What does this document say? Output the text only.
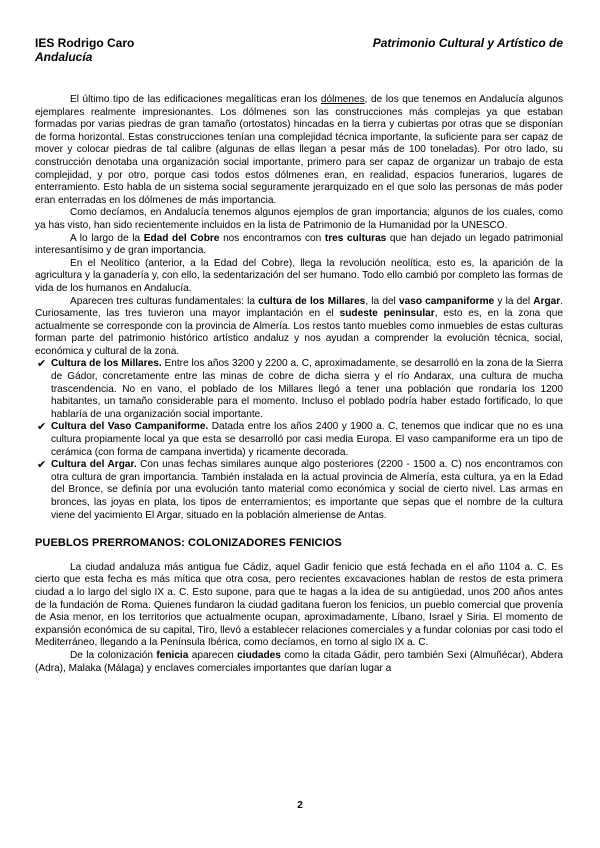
IES Rodrigo Caro	Patrimonio Cultural y Artístico de
Andalucía

El último tipo de las edificaciones megalíticas eran los dólmenes, de los que tenemos en Andalucía algunos ejemplares realmente impresionantes. Los dólmenes son las construcciones más complejas ya que estaban formadas por varias piedras de gran tamaño (ortostatos) hincadas en la tierra y cubiertas por otras que se disponían de forma horizontal. Estas construcciones tenían una complejidad técnica importante, la suficiente para ser capaz de mover y colocar piedras de tal calibre (algunas de ellas llegan a pesar más de 100 toneladas). Por otro lado, su construcción denotaba una organización social importante, primero para ser capaz de organizar un trabajo de esta complejidad, y por otro, porque casi todos estos dólmenes eran, en realidad, espacios funerarios, lugares de enterramiento. Esto habla de un sistema social seguramente jerarquizado en el que solo las personas de más poder eran enterradas en los dólmenes de más importancia.

Como decíamos, en Andalucía tenemos algunos ejemplos de gran importancia; algunos de los cuales, como ya has visto, han sido recientemente incluidos en la lista de Patrimonio de la Humanidad por la UNESCO.

A lo largo de la Edad del Cobre nos encontramos con tres culturas que han dejado un legado patrimonial interesantísimo y de gran importancia.

En el Neolítico (anterior, a la Edad del Cobre), llega la revolución neolítica, esto es, la aparición de la agricultura y la ganadería y, con ello, la sedentarización del ser humano. Todo ello cambió por completo las formas de vida de los humanos en Andalucía.

Aparecen tres culturas fundamentales: la cultura de los Millares, la del vaso campaniforme y la del Argar. Curiosamente, las tres tuvieron una mayor implantación en el sudeste peninsular, esto es, en la zona que actualmente se corresponde con la provincia de Almería. Los restos tanto muebles como inmuebles de estas culturas forman parte del patrimonio histórico artístico andaluz y nos ayudan a comprender la evolución técnica, social, económica y cultural de la zona.

✔ Cultura de los Millares. Entre los años 3200 y 2200 a. C, aproximadamente, se desarrolló en la zona de la Sierra de Gádor, concretamente entre las minas de cobre de dicha sierra y el río Andarax, una cultura de mucha trascendencia. No en vano, el poblado de los Millares llegó a tener una población que rondaría los 1200 habitantes, un tamaño considerable para el momento. Incluso el poblado podría haber estado fortificado, lo que hablaría de una organización social importante.
✔ Cultura del Vaso Campaniforme. Datada entre los años 2400 y 1900 a. C, tenemos que indicar que no es una cultura propiamente local ya que esta se desarrolló por casi media Europa. El vaso campaniforme era un tipo de cerámica (con forma de campana invertida) y ricamente decorada.
✔ Cultura del Argar. Con unas fechas similares aunque algo posteriores (2200 - 1500 a. C) nos encontramos con otra cultura de gran importancia. También instalada en la actual provincia de Almería, esta cultura, ya en la Edad del Bronce, se definía por una evolución tanto material como económica y social de cierto nivel. Las armas en bronces, las joyas en plata, los tipos de enterramientos; es importante que sepas que el nombre de la cultura viene del yacimiento El Argar, situado en la población almeriense de Antas.
PUEBLOS PRERROMANOS: COLONIZADORES FENICIOS

La ciudad andaluza más antigua fue Cádiz, aquel Gadir fenicio que está fechada en el año 1104 a. C. Es cierto que esta fecha es más mítica que otra cosa, pero recientes excavaciones hablan de restos de esta primera ciudad a lo largo del siglo IX a. C. Esto supone, para que te hagas a la idea de su antigüedad, unos 200 años antes de la fundación de Roma. Quienes fundaron la ciudad gaditana fueron los fenicios, un pueblo comercial que provenía de Asia menor, en los territorios que actualmente ocupan, aproximadamente, Líbano, Israel y Siria. El momento de expansión económica de su capital, Tiro, llevó a establecer relaciones comerciales y a fundar colonias por casi todo el Mediterráneo, llegando a la Península Ibérica, como decíamos, en torno al siglo IX a. C.

De la colonización fenicia aparecen ciudades como la citada Gádir, pero también Sexi (Almuñécar), Abdera (Adra), Malaka (Málaga) y enclaves comerciales importantes que darían lugar a

2
